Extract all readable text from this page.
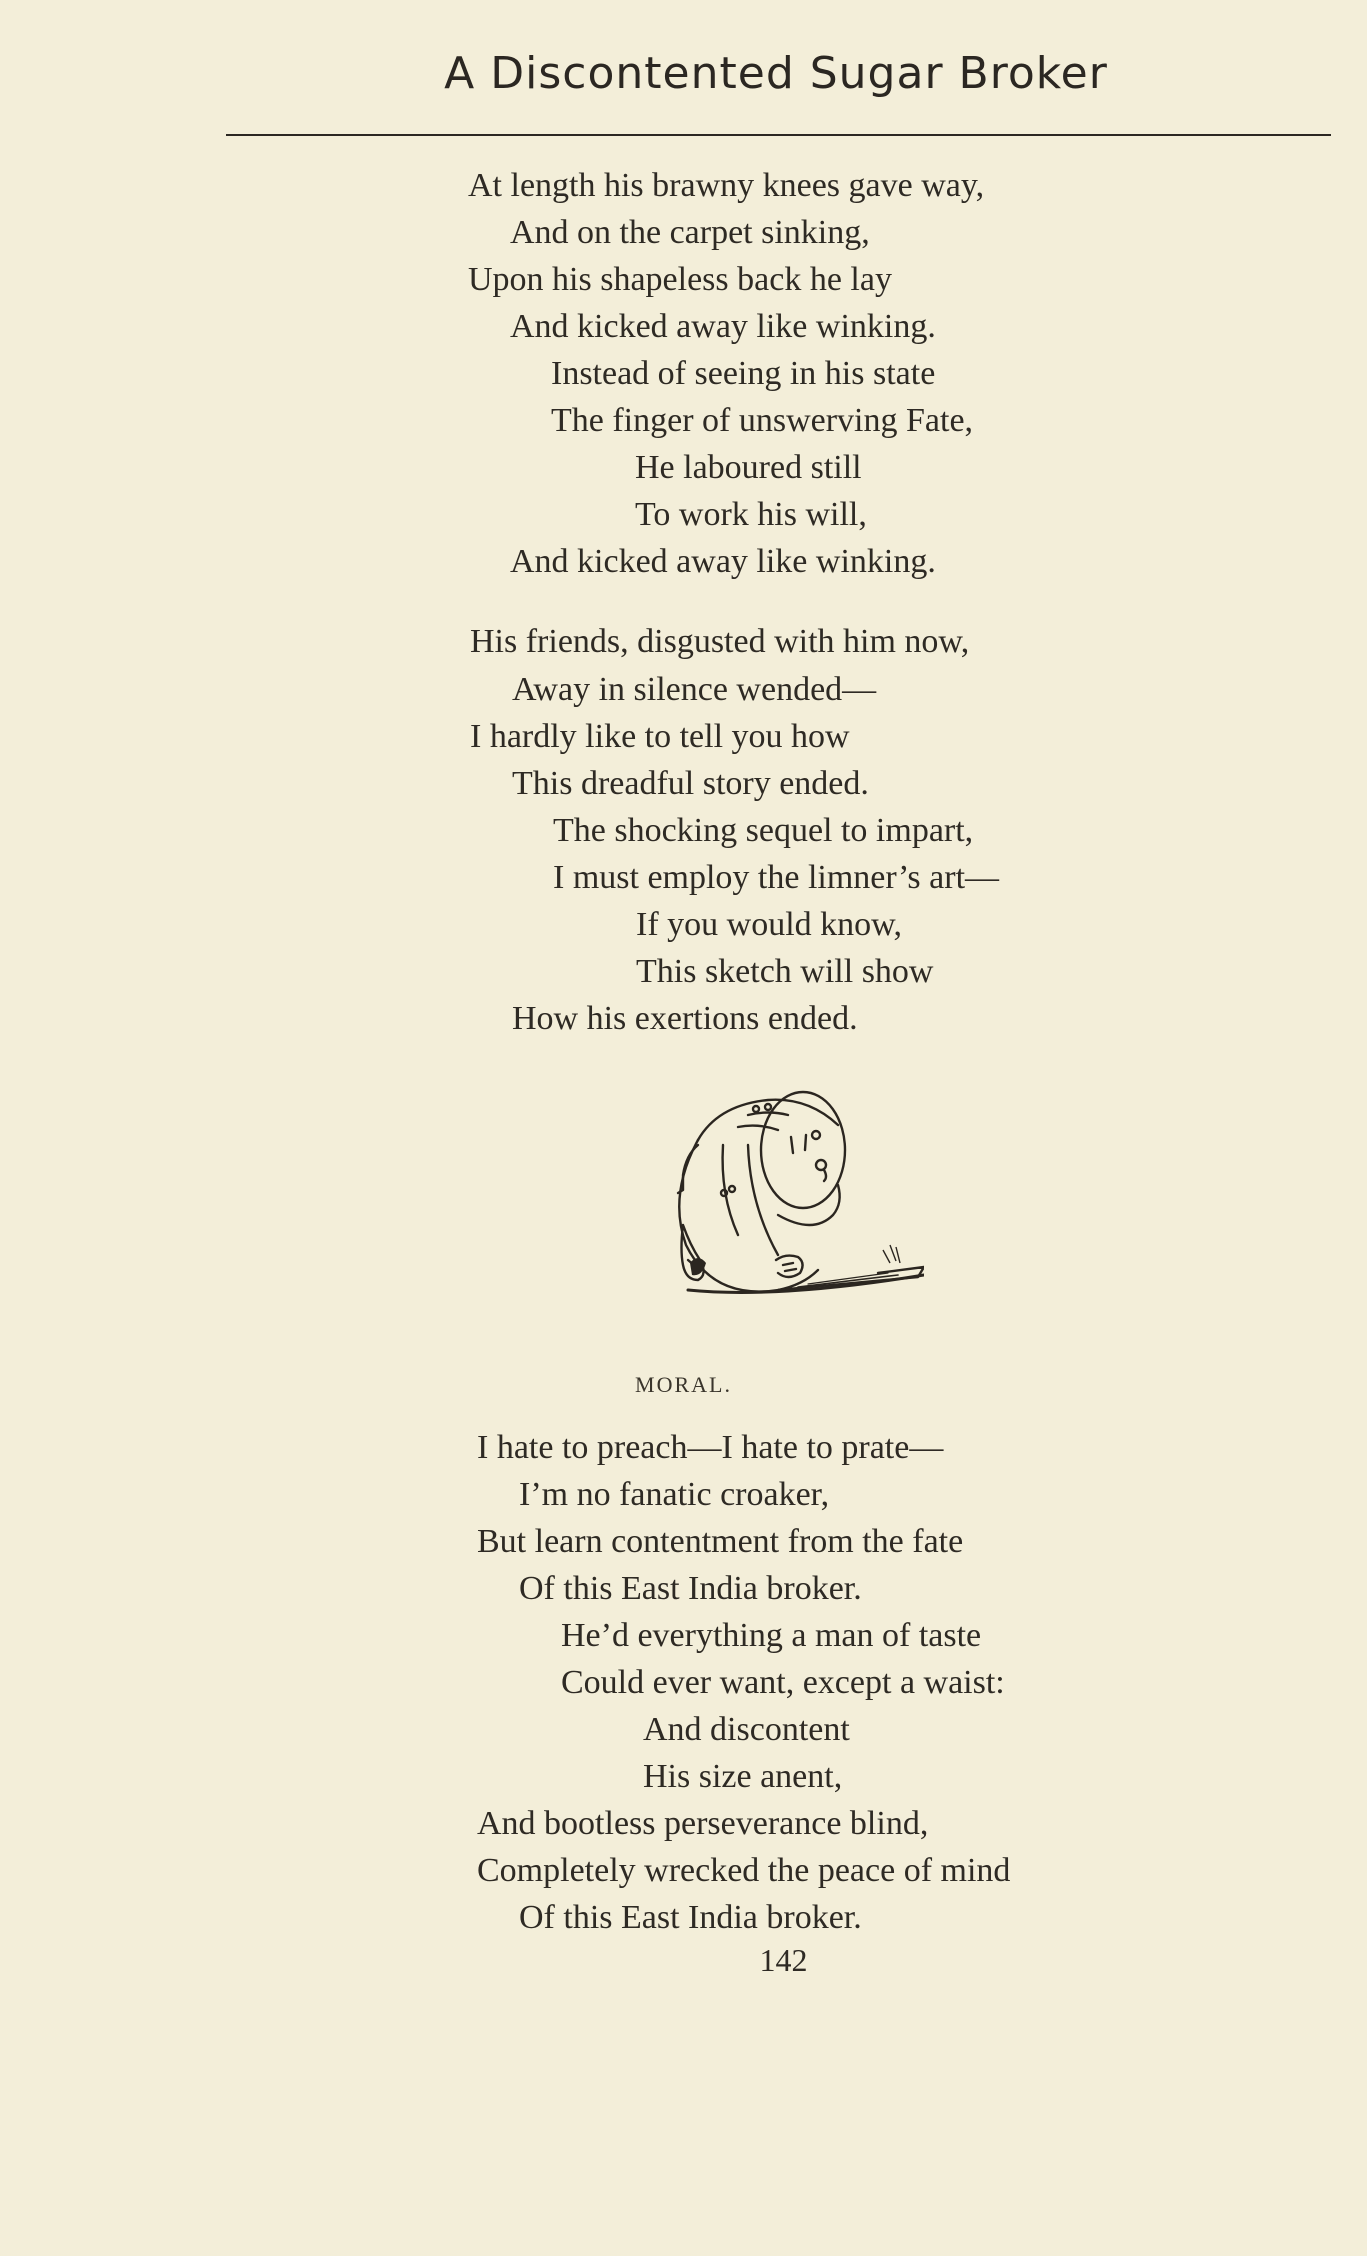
A Discontented Sugar Broker
At length his brawny knees gave way,
And on the carpet sinking,
Upon his shapeless back he lay
And kicked away like winking.
Instead of seeing in his state
The finger of unswerving Fate,
He laboured still
To work his will,
And kicked away like winking.
His friends, disgusted with him now,
Away in silence wended—
I hardly like to tell you how
This dreadful story ended.
The shocking sequel to impart,
I must employ the limner’s art—
If you would know,
This sketch will show
How his exertions ended.
MORAL.
I hate to preach—I hate to prate—
I’m no fanatic croaker,
But learn contentment from the fate
Of this East India broker.
He’d everything a man of taste
Could ever want, except a waist:
And discontent
His size anent,
And bootless perseverance blind,
Completely wrecked the peace of mind
Of this East India broker.
142
